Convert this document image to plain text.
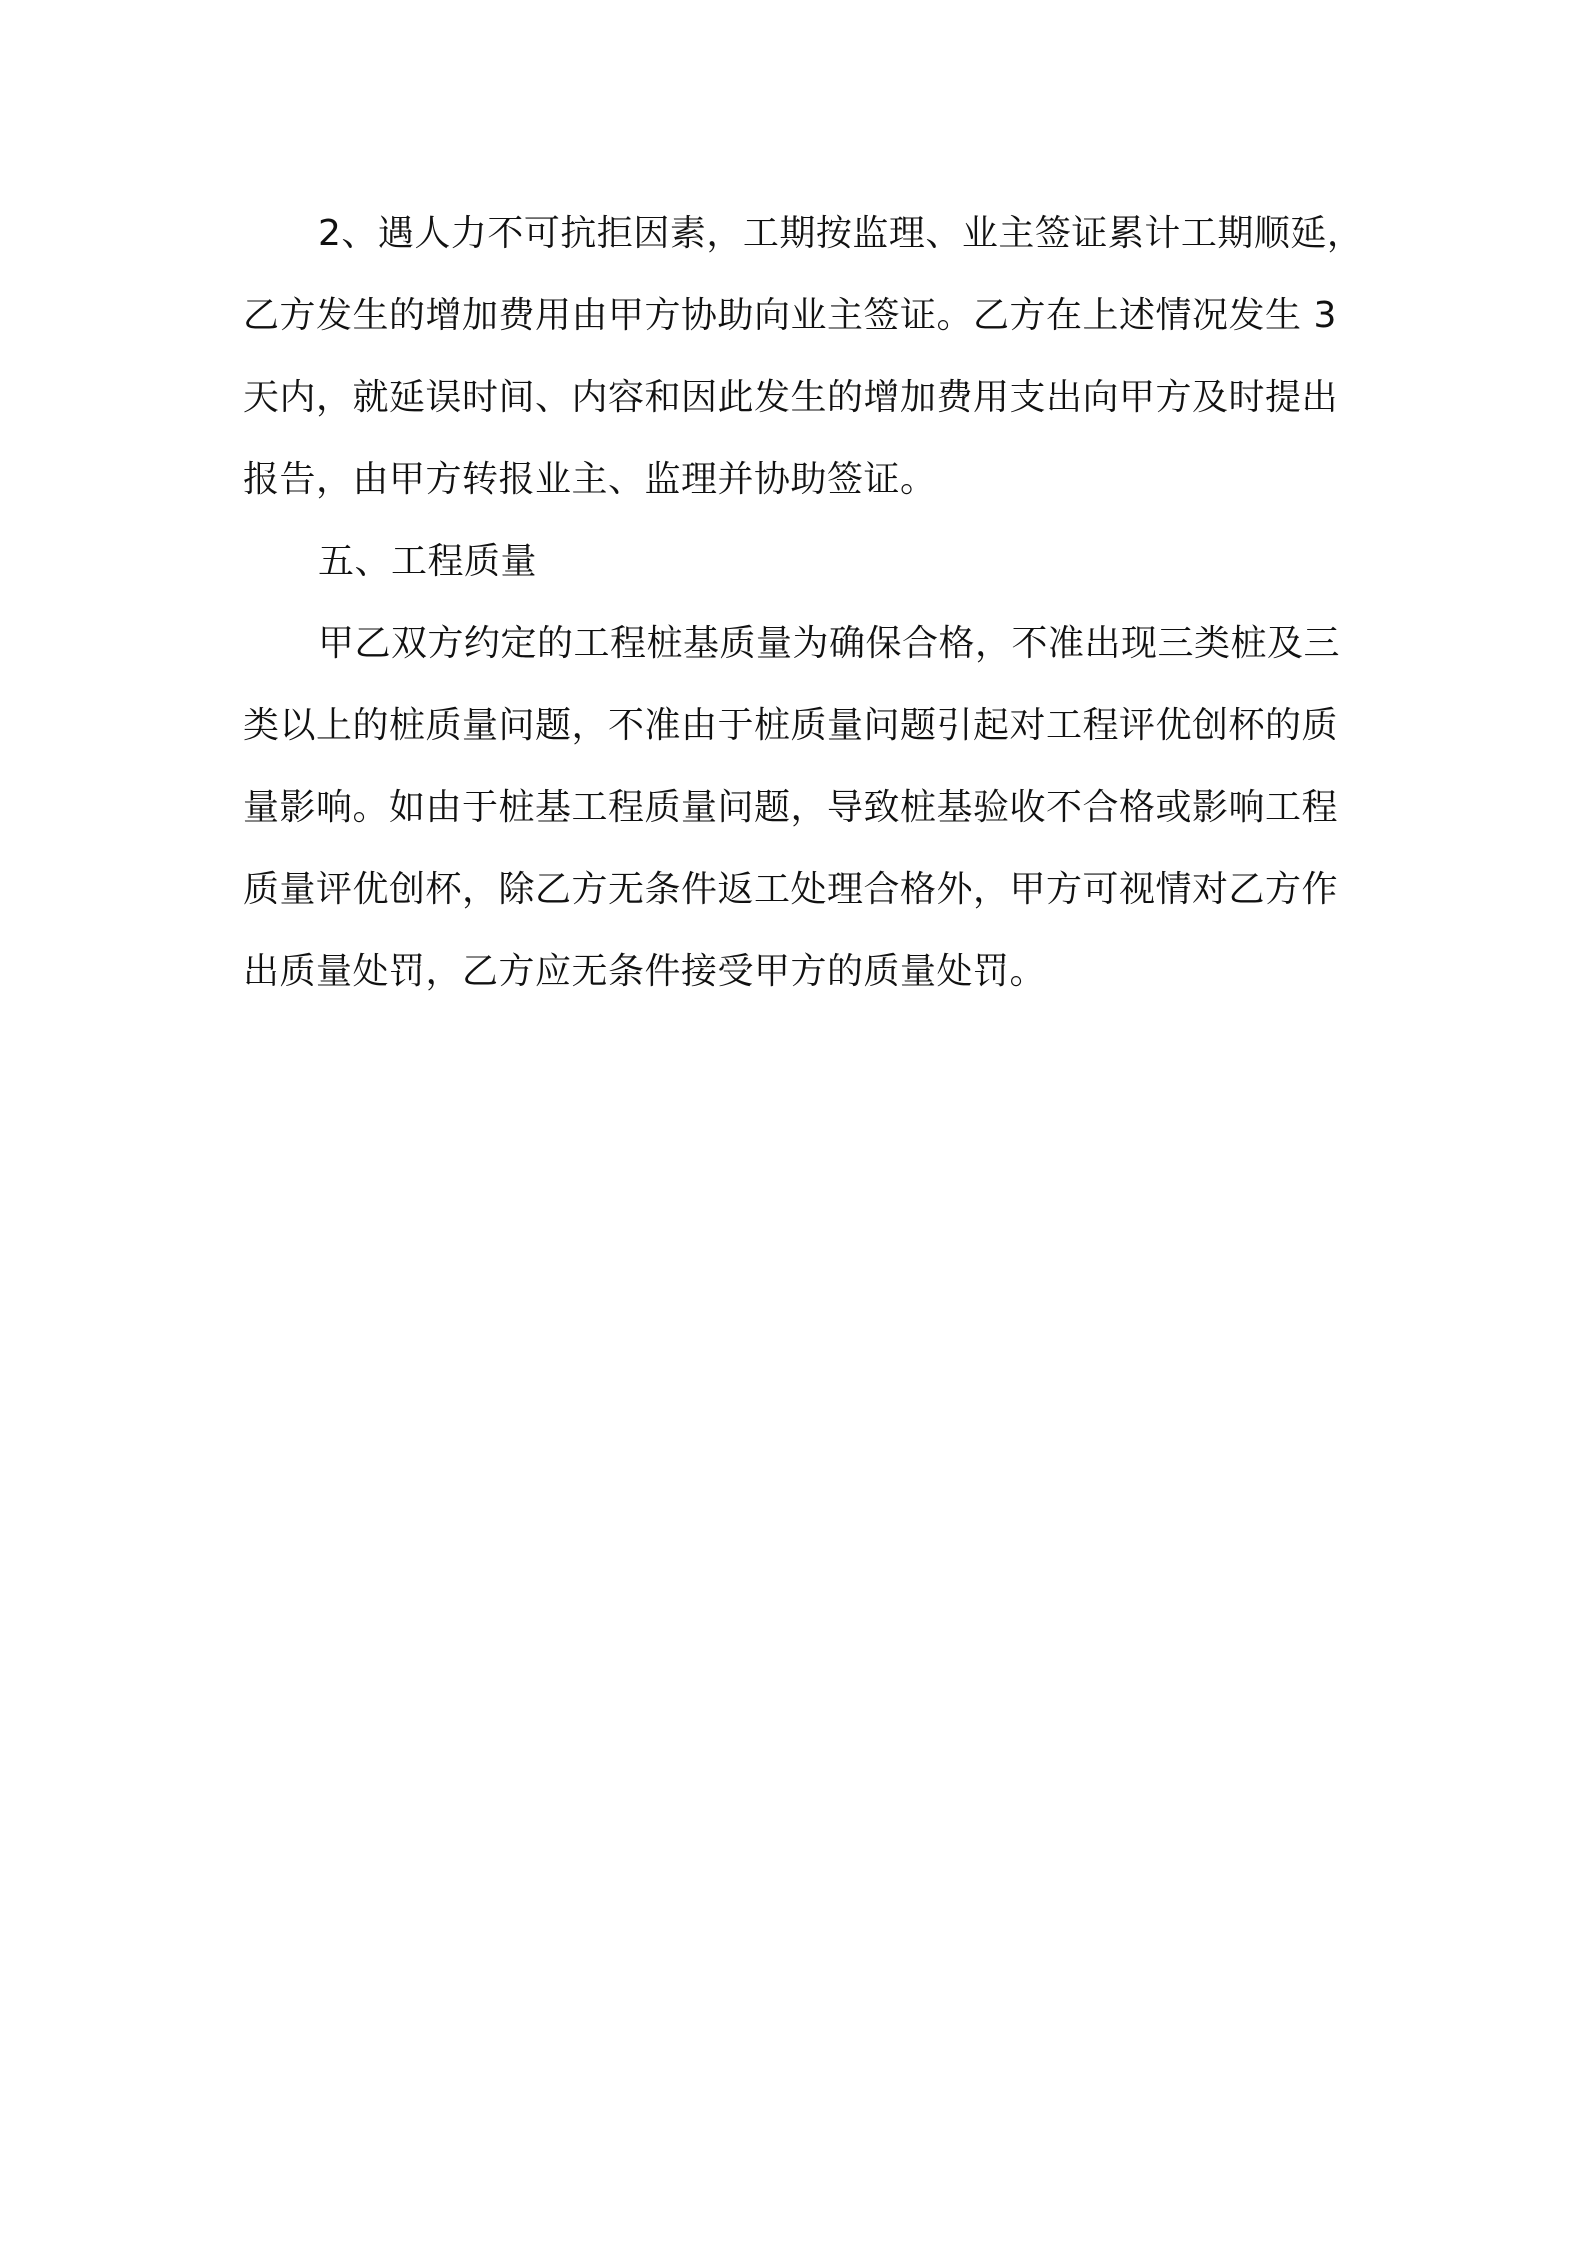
2、遇人力不可抗拒因素，工期按监理、业主签证累计工期顺延，
乙方发生的增加费用由甲方协助向业主签证。乙方在上述情况发生 3
天内，就延误时间、内容和因此发生的增加费用支出向甲方及时提出
报告，由甲方转报业主、监理并协助签证。
五、工程质量
甲乙双方约定的工程桩基质量为确保合格，不准出现三类桩及三
类以上的桩质量问题，不准由于桩质量问题引起对工程评优创杯的质
量影响。如由于桩基工程质量问题，导致桩基验收不合格或影响工程
质量评优创杯，除乙方无条件返工处理合格外，甲方可视情对乙方作
出质量处罚，乙方应无条件接受甲方的质量处罚。
